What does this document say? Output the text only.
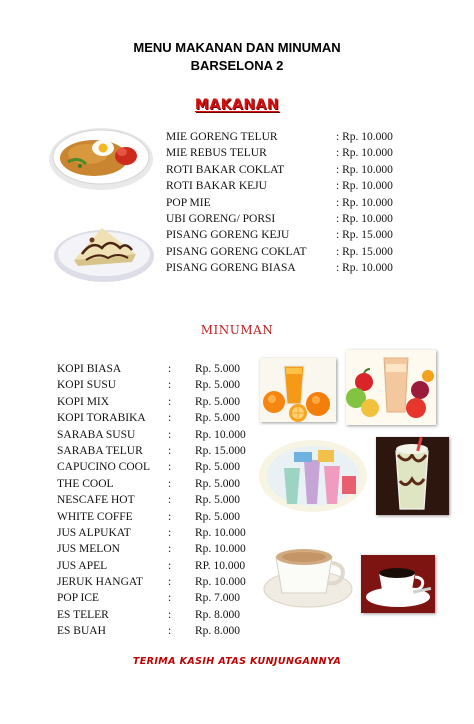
MENU MAKANAN DAN MINUMAN
BARSELONA 2
MAKANAN
MIE GORENG TELUR	: Rp. 10.000
MIE REBUS TELUR	: Rp. 10.000
ROTI BAKAR COKLAT	: Rp. 10.000
ROTI BAKAR KEJU	: Rp. 10.000
POP MIE	: Rp. 10.000
UBI GORENG/ PORSI	: Rp. 10.000
PISANG GORENG KEJU	: Rp. 15.000
PISANG GORENG COKLAT	: Rp. 15.000
PISANG GORENG BIASA	: Rp. 10.000
MINUMAN
KOPI BIASA	: Rp. 5.000
KOPI SUSU	: Rp. 5.000
KOPI MIX	: Rp. 5.000
KOPI TORABIKA : Rp. 5.000
SARABA SUSU	: Rp. 10.000
SARABA TELUR : Rp. 15.000
CAPUCINO COOL : Rp. 5.000
THE COOL	: Rp. 5.000
NESCAFE HOT	: Rp. 5.000
WHITE COFFE	: Rp. 5.000
JUS ALPUKAT	: Rp. 10.000
JUS MELON	: Rp. 10.000
JUS APEL	: RP. 10.000
JERUK HANGAT : Rp. 10.000
POP ICE	: Rp. 7.000
ES TELER	: Rp. 8.000
ES BUAH	: Rp. 8.000
TERIMA KASIH ATAS KUNJUNGANNYA
